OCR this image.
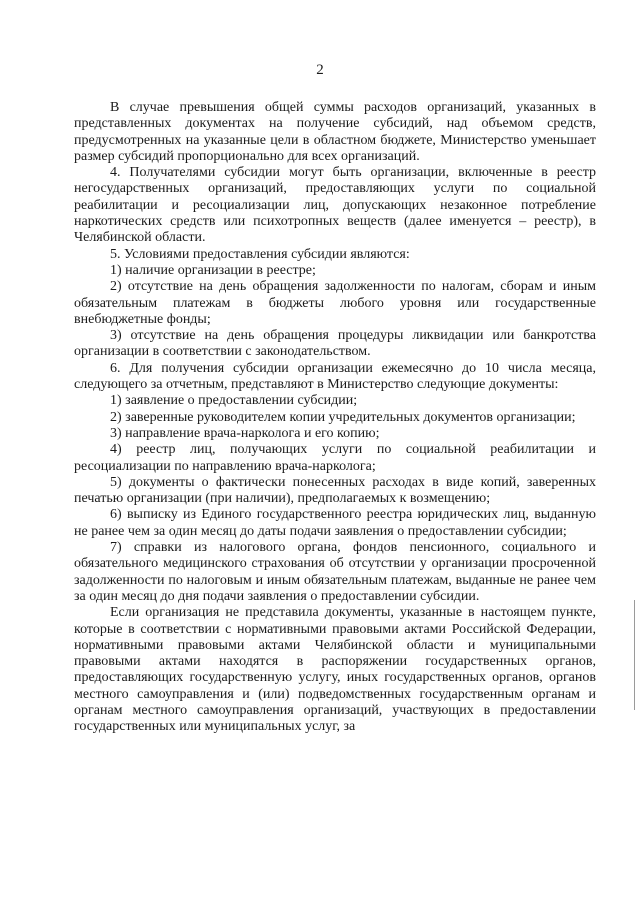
2

В случае превышения общей суммы расходов организаций, указанных в представленных документах на получение субсидий, над объемом средств, предусмотренных на указанные цели в областном бюджете, Министерство уменьшает размер субсидий пропорционально для всех организаций.

4. Получателями субсидии могут быть организации, включенные в реестр негосударственных организаций, предоставляющих услуги по социальной реабилитации и ресоциализации лиц, допускающих незаконное потребление наркотических средств или психотропных веществ (далее именуется – реестр), в Челябинской области.

5. Условиями предоставления субсидии являются:

1) наличие организации в реестре;

2) отсутствие на день обращения задолженности по налогам, сборам и иным обязательным платежам в бюджеты любого уровня или государственные внебюджетные фонды;

3) отсутствие на день обращения процедуры ликвидации или банкротства организации в соответствии с законодательством.

6. Для получения субсидии организации ежемесячно до 10 числа месяца, следующего за отчетным, представляют в Министерство следующие документы:

1) заявление о предоставлении субсидии;

2) заверенные руководителем копии учредительных документов организации;

3) направление врача-нарколога и его копию;

4) реестр лиц, получающих услуги по социальной реабилитации и ресоциализации по направлению врача-нарколога;

5) документы о фактически понесенных расходах в виде копий, заверенных печатью организации (при наличии), предполагаемых к возмещению;

6) выписку из Единого государственного реестра юридических лиц, выданную не ранее чем за один месяц до даты подачи заявления о предоставлении субсидии;

7) справки из налогового органа, фондов пенсионного, социального и обязательного медицинского страхования об отсутствии у организации просроченной задолженности по налоговым и иным обязательным платежам, выданные не ранее чем за один месяц до дня подачи заявления о предоставлении субсидии.

Если организация не представила документы, указанные в настоящем пункте, которые в соответствии с нормативными правовыми актами Российской Федерации, нормативными правовыми актами Челябинской области и муниципальными правовыми актами находятся в распоряжении государственных органов, предоставляющих государственную услугу, иных государственных органов, органов местного самоуправления и (или) подведомственных государственным органам и органам местного самоуправления организаций, участвующих в предоставлении государственных или муниципальных услуг, за
